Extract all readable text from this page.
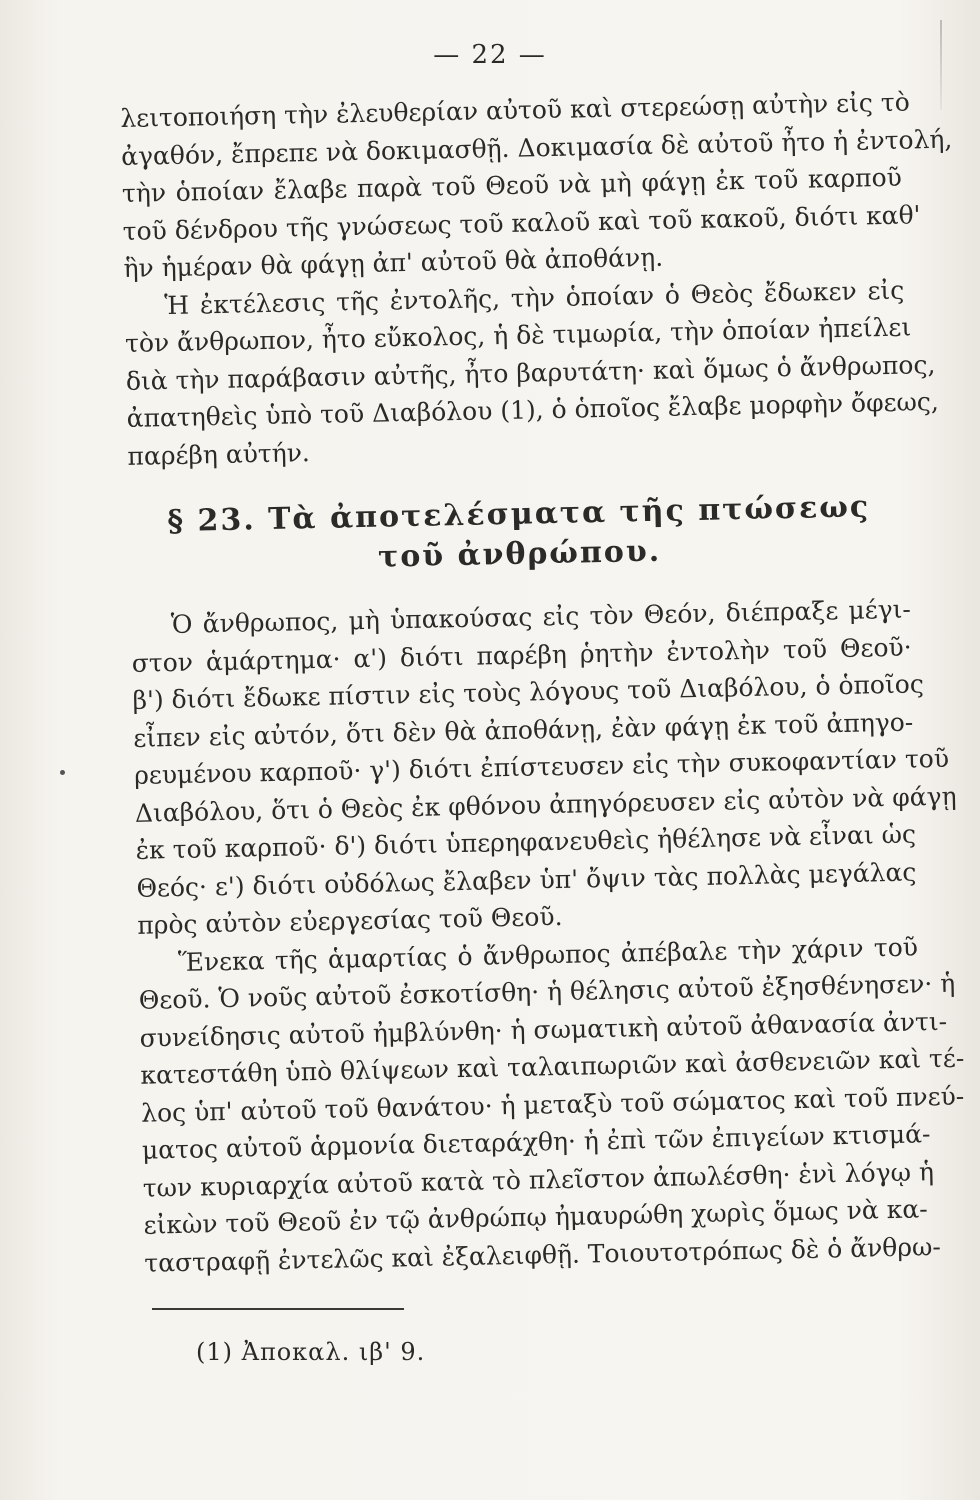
— 22 —
λειτοποιήση τὴν ἐλευθερίαν αὐτοῦ καὶ στερεώσῃ αὐτὴν εἰς τὸ
ἀγαθόν, ἔπρεπε νὰ δοκιμασθῇ. Δοκιμασία δὲ αὐτοῦ ἦτο ἡ ἐντολή,
τὴν ὁποίαν ἔλαβε παρὰ τοῦ Θεοῦ νὰ μὴ φάγῃ ἐκ τοῦ καρποῦ
τοῦ δένδρου τῆς γνώσεως τοῦ καλοῦ καὶ τοῦ κακοῦ, διότι καθ'
ἣν ἡμέραν θὰ φάγῃ ἀπ' αὐτοῦ θὰ ἀποθάνῃ.
Ἡ ἐκτέλεσις τῆς ἐντολῆς, τὴν ὁποίαν ὁ Θεὸς ἔδωκεν εἰς
τὸν ἄνθρωπον, ἦτο εὔκολος, ἡ δὲ τιμωρία, τὴν ὁποίαν ἠπείλει
διὰ τὴν παράβασιν αὐτῆς, ἦτο βαρυτάτη· καὶ ὅμως ὁ ἄνθρωπος,
ἀπατηθεὶς ὑπὸ τοῦ Διαβόλου (1), ὁ ὁποῖος ἔλαβε μορφὴν ὄφεως,
παρέβη αὐτήν.
§ 23. Τὰ ἀποτελέσματα τῆς πτώσεως
τοῦ ἀνθρώπου.
Ὁ ἄνθρωπος, μὴ ὑπακούσας εἰς τὸν Θεόν, διέπραξε μέγι-
στον ἁμάρτημα· α') διότι παρέβη ῥητὴν ἐντολὴν τοῦ Θεοῦ·
β') διότι ἔδωκε πίστιν εἰς τοὺς λόγους τοῦ Διαβόλου, ὁ ὁποῖος
εἶπεν εἰς αὐτόν, ὅτι δὲν θὰ ἀποθάνῃ, ἐὰν φάγῃ ἐκ τοῦ ἀπηγο-
ρευμένου καρποῦ· γ') διότι ἐπίστευσεν εἰς τὴν συκοφαντίαν τοῦ
Διαβόλου, ὅτι ὁ Θεὸς ἐκ φθόνου ἀπηγόρευσεν εἰς αὐτὸν νὰ φάγῃ
ἐκ τοῦ καρποῦ· δ') διότι ὑπερηφανευθεὶς ἠθέλησε νὰ εἶναι ὡς
Θεός· ε') διότι οὐδόλως ἔλαβεν ὑπ' ὄψιν τὰς πολλὰς μεγάλας
πρὸς αὐτὸν εὐεργεσίας τοῦ Θεοῦ.
Ἕνεκα τῆς ἁμαρτίας ὁ ἄνθρωπος ἀπέβαλε τὴν χάριν τοῦ
Θεοῦ. Ὁ νοῦς αὐτοῦ ἐσκοτίσθη· ἡ θέλησις αὐτοῦ ἐξησθένησεν· ἡ
συνείδησις αὐτοῦ ἠμβλύνθη· ἡ σωματικὴ αὐτοῦ ἀθανασία ἀντι-
κατεστάθη ὑπὸ θλίψεων καὶ ταλαιπωριῶν καὶ ἀσθενειῶν καὶ τέ-
λος ὑπ' αὐτοῦ τοῦ θανάτου· ἡ μεταξὺ τοῦ σώματος καὶ τοῦ πνεύ-
ματος αὐτοῦ ἁρμονία διεταράχθη· ἡ ἐπὶ τῶν ἐπιγείων κτισμά-
των κυριαρχία αὐτοῦ κατὰ τὸ πλεῖστον ἀπωλέσθη· ἑνὶ λόγῳ ἡ
εἰκὼν τοῦ Θεοῦ ἐν τῷ ἀνθρώπῳ ἠμαυρώθη χωρὶς ὅμως νὰ κα-
ταστραφῇ ἐντελῶς καὶ ἐξαλειφθῇ. Τοιουτοτρόπως δὲ ὁ ἄνθρω-
(1) Ἀποκαλ. ιβ' 9.
